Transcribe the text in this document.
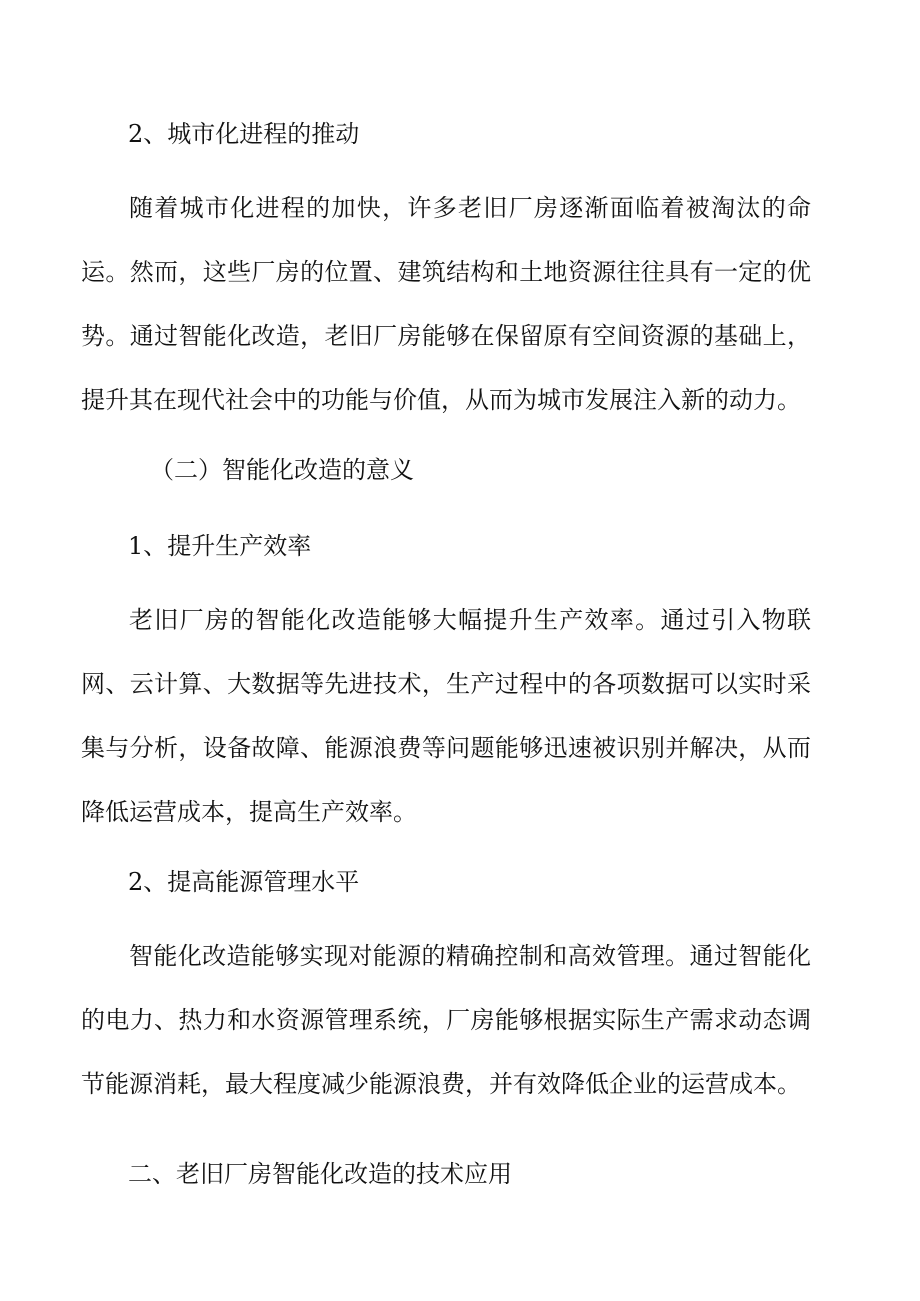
2、城市化进程的推动

随着城市化进程的加快，许多老旧厂房逐渐面临着被淘汰的命运。然而，这些厂房的位置、建筑结构和土地资源往往具有一定的优势。通过智能化改造，老旧厂房能够在保留原有空间资源的基础上，提升其在现代社会中的功能与价值，从而为城市发展注入新的动力。

（二）智能化改造的意义

1、提升生产效率

老旧厂房的智能化改造能够大幅提升生产效率。通过引入物联网、云计算、大数据等先进技术，生产过程中的各项数据可以实时采集与分析，设备故障、能源浪费等问题能够迅速被识别并解决，从而降低运营成本，提高生产效率。

2、提高能源管理水平

智能化改造能够实现对能源的精确控制和高效管理。通过智能化的电力、热力和水资源管理系统，厂房能够根据实际生产需求动态调节能源消耗，最大程度减少能源浪费，并有效降低企业的运营成本。

二、老旧厂房智能化改造的技术应用
